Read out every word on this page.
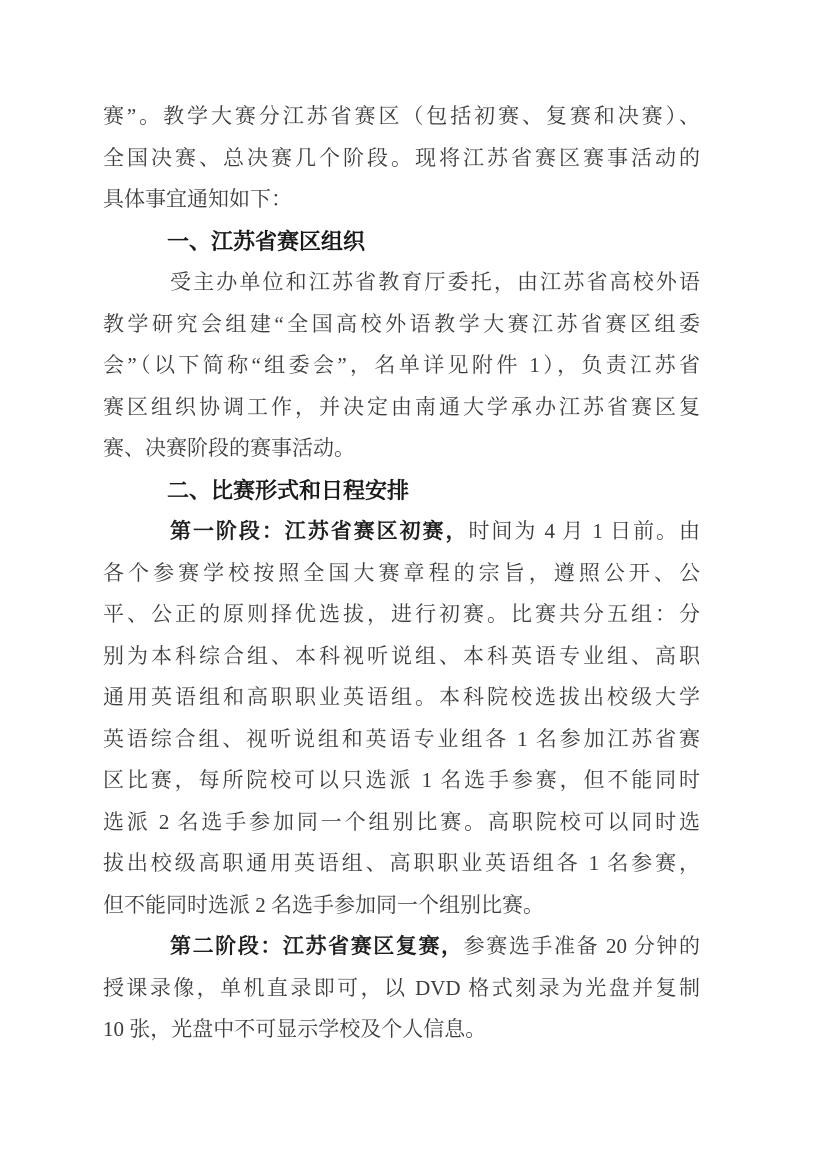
赛”。教学大赛分江苏省赛区（包括初赛、复赛和决赛）、
全国决赛、总决赛几个阶段。现将江苏省赛区赛事活动的
具体事宜通知如下：
一、江苏省赛区组织
受主办单位和江苏省教育厅委托，由江苏省高校外语
教学研究会组建“全国高校外语教学大赛江苏省赛区组委
会”（以下简称“组委会”，名单详见附件 1），负责江苏省
赛区组织协调工作，并决定由南通大学承办江苏省赛区复
赛、决赛阶段的赛事活动。
二、比赛形式和日程安排
第一阶段：江苏省赛区初赛，时间为 4 月 1 日前。由
各个参赛学校按照全国大赛章程的宗旨，遵照公开、公
平、公正的原则择优选拔，进行初赛。比赛共分五组：分
别为本科综合组、本科视听说组、本科英语专业组、高职
通用英语组和高职职业英语组。本科院校选拔出校级大学
英语综合组、视听说组和英语专业组各 1 名参加江苏省赛
区比赛，每所院校可以只选派 1 名选手参赛，但不能同时
选派 2 名选手参加同一个组别比赛。高职院校可以同时选
拔出校级高职通用英语组、高职职业英语组各 1 名参赛，
但不能同时选派 2 名选手参加同一个组别比赛。
第二阶段：江苏省赛区复赛，参赛选手准备 20 分钟的
授课录像，单机直录即可，以 DVD 格式刻录为光盘并复制
10 张，光盘中不可显示学校及个人信息。
